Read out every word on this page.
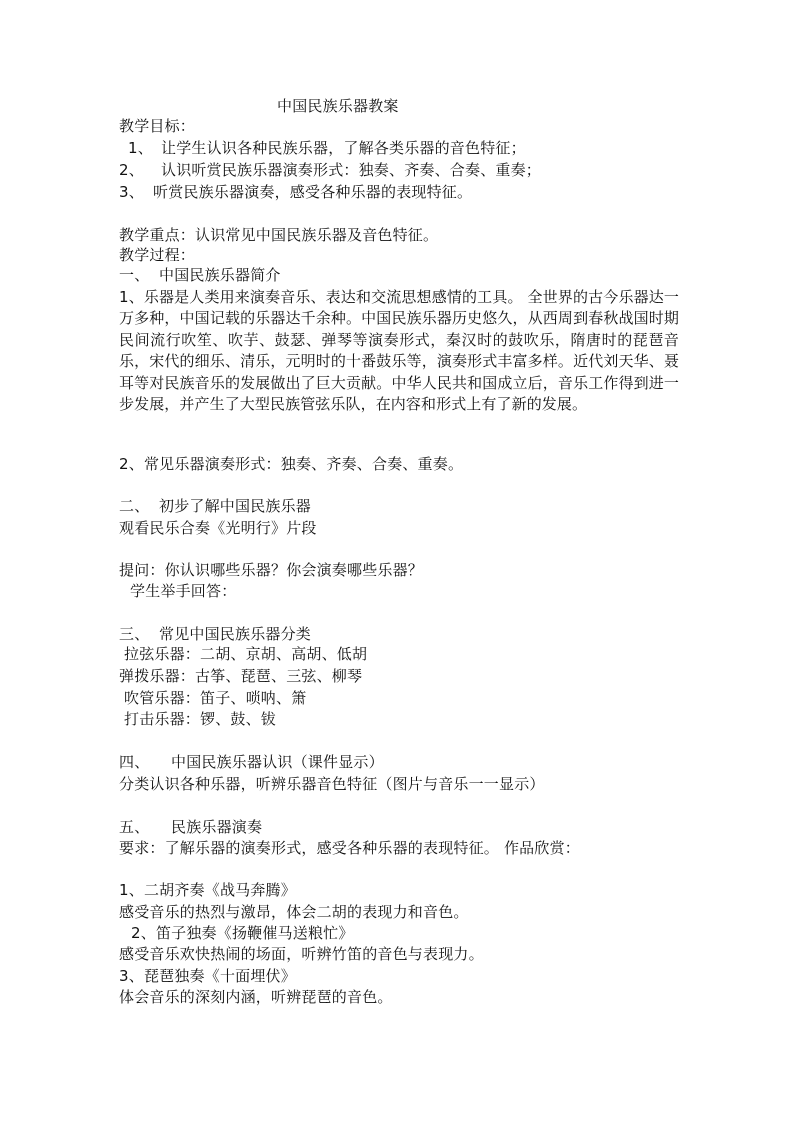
中国民族乐器教案
教学目标：
1、 让学生认识各种民族乐器，了解各类乐器的音色特征；
2、 认识听赏民族乐器演奏形式：独奏、齐奏、合奏、重奏；
3、 听赏民族乐器演奏，感受各种乐器的表现特征。
教学重点：认识常见中国民族乐器及音色特征。
教学过程：
一、 中国民族乐器简介
1、乐器是人类用来演奏音乐、表达和交流思想感情的工具。 全世界的古今乐器达一万多种，中国记载的乐器达千余种。中国民族乐器历史悠久，从西周到春秋战国时期民间流行吹笙、吹芋、鼓瑟、弹琴等演奏形式，秦汉时的鼓吹乐，隋唐时的琵琶音乐，宋代的细乐、清乐，元明时的十番鼓乐等，演奏形式丰富多样。近代刘天华、聂耳等对民族音乐的发展做出了巨大贡献。中华人民共和国成立后，音乐工作得到进一步发展，并产生了大型民族管弦乐队，在内容和形式上有了新的发展。
2、常见乐器演奏形式：独奏、齐奏、合奏、重奏。
二、 初步了解中国民族乐器
观看民乐合奏《光明行》片段
提问：你认识哪些乐器？你会演奏哪些乐器？
学生举手回答：
三、 常见中国民族乐器分类
拉弦乐器：二胡、京胡、高胡、低胡
弹拨乐器：古筝、琵琶、三弦、柳琴
吹管乐器：笛子、唢呐、箫
打击乐器：锣、鼓、钹
四、 中国民族乐器认识（课件显示）
分类认识各种乐器，听辨乐器音色特征（图片与音乐一一显示）
五、 民族乐器演奏
要求：了解乐器的演奏形式，感受各种乐器的表现特征。 作品欣赏：
1、二胡齐奏《战马奔腾》
感受音乐的热烈与激昂，体会二胡的表现力和音色。
2、笛子独奏《扬鞭催马送粮忙》
感受音乐欢快热闹的场面，听辨竹笛的音色与表现力。
3、琵琶独奏《十面埋伏》
体会音乐的深刻内涵，听辨琵琶的音色。
